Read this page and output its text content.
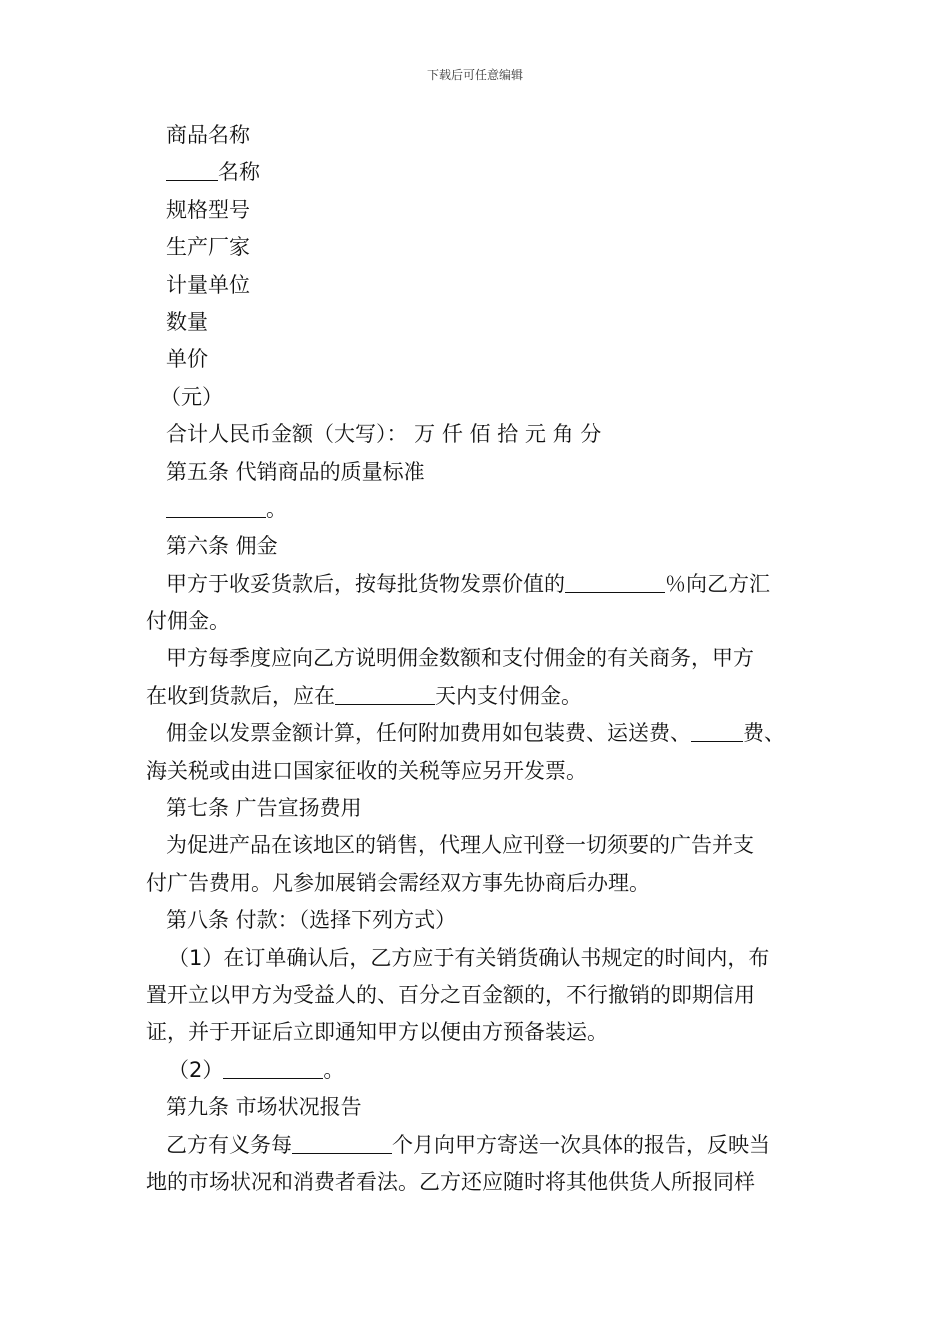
下载后可任意编辑
商品名称
名称
规格型号
生产厂家
计量单位
数量
单价
（元）
合计人民币金额（大写）： 万 仟 佰 拾 元 角 分
第五条 代销商品的质量标准
。
第六条 佣金
甲方于收妥货款后，按每批货物发票价值的	％向乙方汇
付佣金。
甲方每季度应向乙方说明佣金数额和支付佣金的有关商务，甲方
在收到货款后，应在	天内支付佣金。
佣金以发票金额计算，任何附加费用如包装费、运送费、 费、
海关税或由进口国家征收的关税等应另开发票。
第七条 广告宣扬费用
为促进产品在该地区的销售，代理人应刊登一切须要的广告并支
付广告费用。凡参加展销会需经双方事先协商后办理。
第八条 付款：（选择下列方式）
（1）在订单确认后，乙方应于有关销货确认书规定的时间内，布
置开立以甲方为受益人的、百分之百金额的，不行撤销的即期信用
证，并于开证后立即通知甲方以便由方预备装运。
（2）	。
第九条 市场状况报告
乙方有义务每	个月向甲方寄送一次具体的报告，反映当
地的市场状况和消费者看法。乙方还应随时将其他供货人所报同样
